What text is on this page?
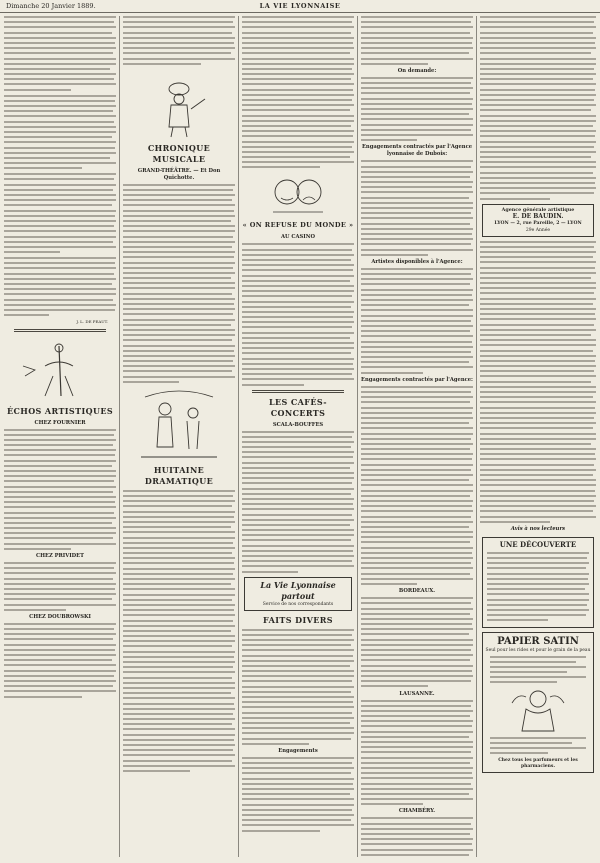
Dimanche 20 Janvier 1889.	LA VIE LYONNAISE
J. L. DE PEAUT.
ÉCHOS ARTISTIQUES
CHEZ FOURNIER
CHEZ PRIVIDET
CHEZ DOUBROWSKI
CHRONIQUE MUSICALE
GRAND-THÉÂTRE. — Et Don Quichotte.
HUITAINE DRAMATIQUE
« ON REFUSE DU MONDE »
AU CASINO
LES CAFÉS-CONCERTS
SCALA-BOUFFES
La Vie Lyonnaise partout
Service de nos correspondants
FAITS DIVERS
Engagements
On demande:
Engagements contractés par l'Agence lyonnaise de Dubois:
Artistes disponibles à l'Agence:
Engagements contractés par l'Agence:
BORDEAUX.
LAUSANNE.
CHAMBÉRY.
Agence générale artistique
E. DE BAUDIN.
LYON — 2, rue Pareille, 2 — LYON
29e Année
Avis à nos lecteurs
UNE DÉCOUVERTE
PAPIER SATIN
Seul pour les rides et pour le grain de la peau
Chez tous les parfumeurs et les pharmaciens.
